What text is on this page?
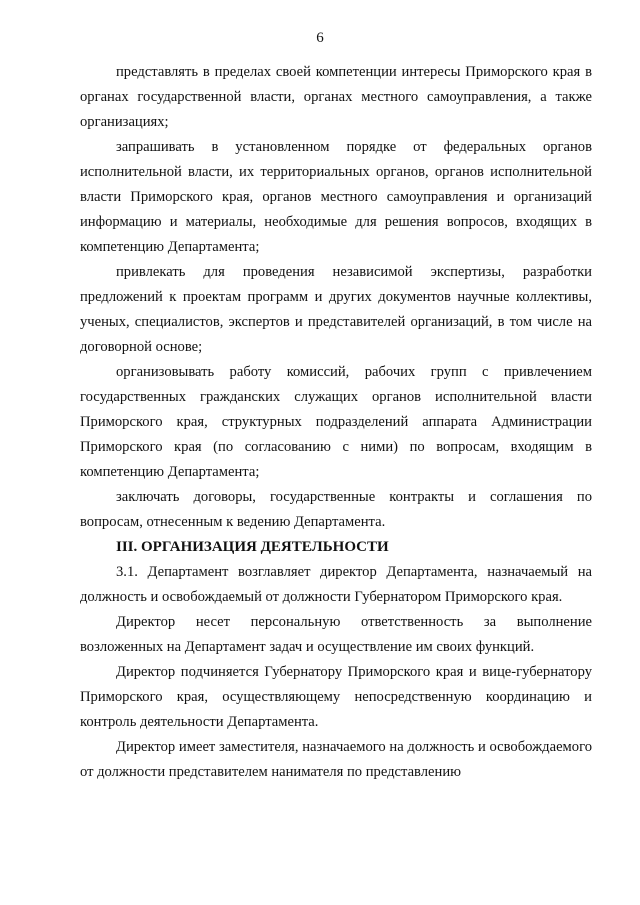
6

представлять в пределах своей компетенции интересы Приморского края в органах государственной власти, органах местного самоуправления, а также организациях;

запрашивать в установленном порядке от федеральных органов исполнительной власти, их территориальных органов, органов исполнительной власти Приморского края, органов местного самоуправления и организаций информацию и материалы, необходимые для решения вопросов, входящих в компетенцию Департамента;

привлекать для проведения независимой экспертизы, разработки предложений к проектам программ и других документов научные коллективы, ученых, специалистов, экспертов и представителей организаций, в том числе на договорной основе;

организовывать работу комиссий, рабочих групп с привлечением государственных гражданских служащих органов исполнительной власти Приморского края, структурных подразделений аппарата Администрации Приморского края (по согласованию с ними) по вопросам, входящим в компетенцию Департамента;

заключать договоры, государственные контракты и соглашения по вопросам, отнесенным к ведению Департамента.

III. ОРГАНИЗАЦИЯ ДЕЯТЕЛЬНОСТИ

3.1. Департамент возглавляет директор Департамента, назначаемый на должность и освобождаемый от должности Губернатором Приморского края.

Директор несет персональную ответственность за выполнение возложенных на Департамент задач и осуществление им своих функций.

Директор подчиняется Губернатору Приморского края и вице-губернатору Приморского края, осуществляющему непосредственную координацию и контроль деятельности Департамента.

Директор имеет заместителя, назначаемого на должность и освобождаемого от должности представителем нанимателя по представлению
